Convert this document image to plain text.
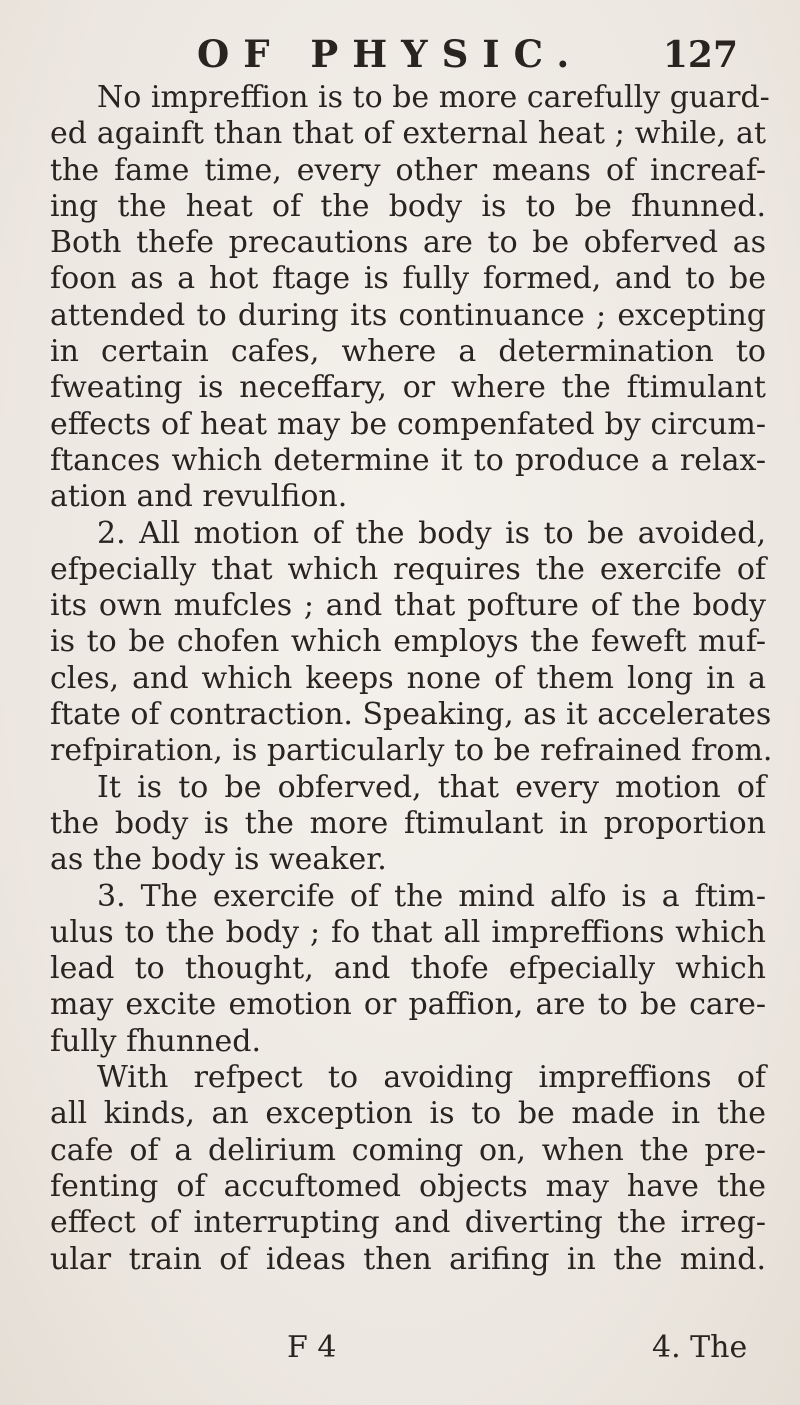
OF PHYSIC. 127
No impreffion is to be more carefully guard-
ed againft than that of external heat ; while, at
the fame time, every other means of increaf-
ing the heat of the body is to be fhunned.
Both thefe precautions are to be obferved as
foon as a hot ftage is fully formed, and to be
attended to during its continuance ; excepting
in certain cafes, where a determination to
fweating is neceffary, or where the ftimulant
effects of heat may be compenfated by circum-
ftances which determine it to produce a relax-
ation and revulfion.
2. All motion of the body is to be avoided,
efpecially that which requires the exercife of
its own mufcles ; and that pofture of the body
is to be chofen which employs the feweft muf-
cles, and which keeps none of them long in a
ftate of contraction. Speaking, as it accelerates
refpiration, is particularly to be refrained from.
It is to be obferved, that every motion of
the body is the more ftimulant in proportion
as the body is weaker.
3. The exercife of the mind alfo is a ftim-
ulus to the body ; fo that all impreffions which
lead to thought, and thofe efpecially which
may excite emotion or paffion, are to be care-
fully fhunned.
With refpect to avoiding impreffions of
all kinds, an exception is to be made in the
cafe of a delirium coming on, when the pre-
fenting of accuftomed objects may have the
effect of interrupting and diverting the irreg-
ular train of ideas then arifing in the mind.
F 4	4. The
